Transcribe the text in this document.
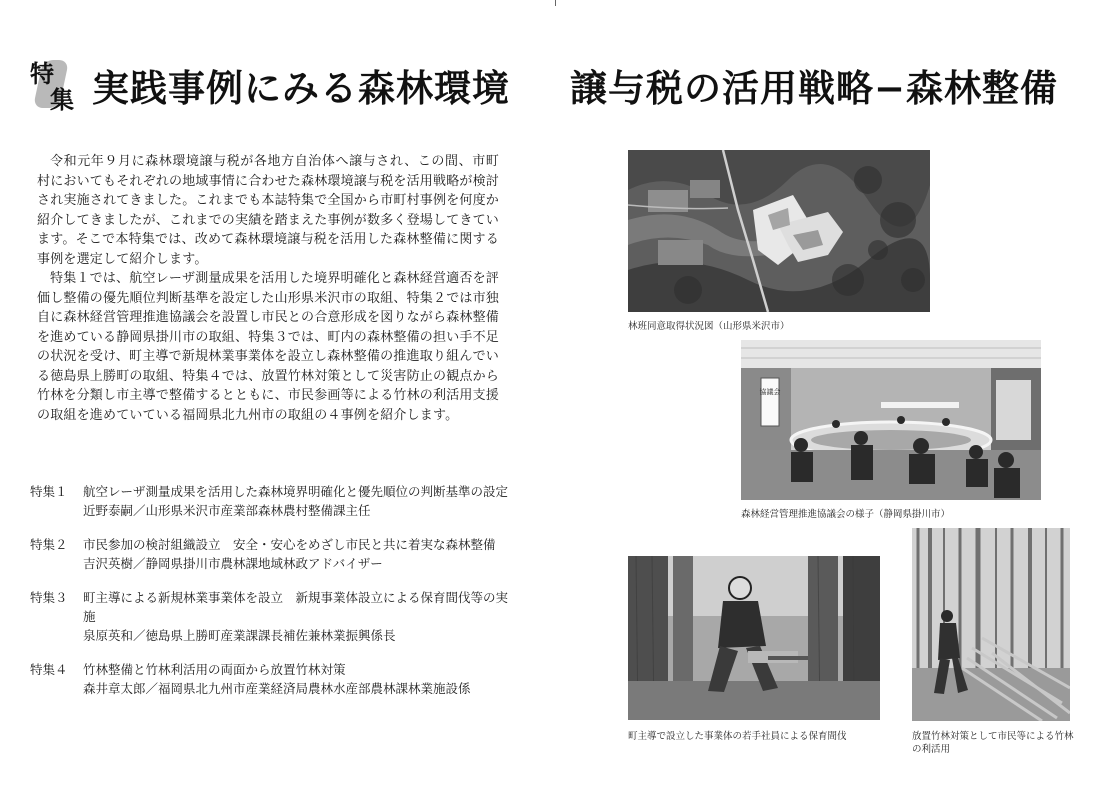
特
集 実践事例にみる森林環境 譲与税の活用戦略−森林整備

令和元年９月に森林環境譲与税が各地方自治体へ譲与され、この間、市町村においてもそれぞれの地域事情に合わせた森林環境譲与税を活用戦略が検討され実施されてきました。これまでも本誌特集で全国から市町村事例を何度か紹介してきましたが、これまでの実績を踏まえた事例が数多く登場してきています。そこで本特集では、改めて森林環境譲与税を活用した森林整備に関する事例を選定して紹介します。

特集１では、航空レーザ測量成果を活用した境界明確化と森林経営適否を評価し整備の優先順位判断基準を設定した山形県米沢市の取組、特集２では市独自に森林経営管理推進協議会を設置し市民との合意形成を図りながら森林整備を進めている静岡県掛川市の取組、特集３では、町内の森林整備の担い手不足の状況を受け、町主導で新規林業事業体を設立し森林整備の推進取り組んでいる徳島県上勝町の取組、特集４では、放置竹林対策として災害防止の観点から竹林を分類し市主導で整備するとともに、市民参画等による竹林の利活用支援の取組を進めていている福岡県北九州市の取組の４事例を紹介します。

特集１	航空レーザ測量成果を活用した森林境界明確化と優先順位の判断基準の設定
近野泰嗣／山形県米沢市産業部森林農村整備課主任
特集２	市民参加の検討組織設立　安全・安心をめざし市民と共に着実な森林整備
吉沢英樹／静岡県掛川市農林課地域林政アドバイザー
特集３	町主導による新規林業事業体を設立　新規事業体設立による保育間伐等の実施
泉原英和／徳島県上勝町産業課課長補佐兼林業振興係長
特集４	竹林整備と竹林利活用の両面から放置竹林対策
森井章太郎／福岡県北九州市産業経済局農林水産部農林課林業施設係
林班同意取得状況図（山形県米沢市）
協議会
森林経営管理推進協議会の様子（静岡県掛川市）
町主導で設立した事業体の若手社員による保育間伐	放置竹林対策として市民等による竹林の利活用
